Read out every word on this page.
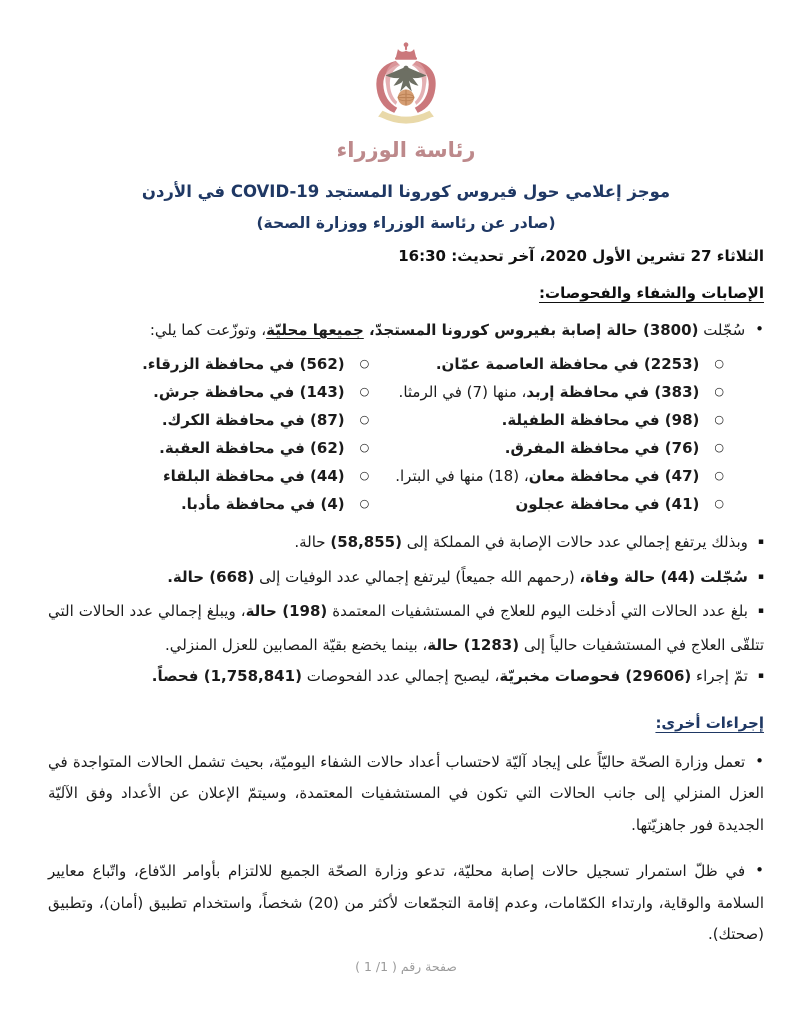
رئاسة الوزراء
موجز إعلامي حول فيروس كورونا المستجد COVID-19 في الأردن
(صادر عن رئاسة الوزراء ووزارة الصحة)
الثلاثاء 27 تشرين الأول 2020، آخر تحديث: 16:30
الإصابات والشفاء والفحوصات:
•سُجّلت (3800) حالة إصابة بفيروس كورونا المستجدّ، جميعها محليّة، وتوزّعت كما يلي:
○(2253) في محافظة العاصمة عمّان.
○(562) في محافظة الزرقاء.
○(383) في محافظة إربد، منها (7) في الرمثا.
○(143) في محافظة جرش.
○(98) في محافظة الطفيلة.
○(87) في محافظة الكرك.
○(76) في محافظة المفرق.
○(62) في محافظة العقبة.
○(47) في محافظة معان، (18) منها في البترا.
○(44) في محافظة البلقاء
○(41) في محافظة عجلون
○(4) في محافظة مأدبا.
▪وبذلك يرتفع إجمالي عدد حالات الإصابة في المملكة إلى (58,855) حالة.
▪سُجّلت (44) حالة وفاة، (رحمهم الله جميعاً) ليرتفع إجمالي عدد الوفيات إلى (668) حالة.
▪بلغ عدد الحالات التي أدخلت اليوم للعلاج في المستشفيات المعتمدة (198) حالة، ويبلغ إجمالي عدد الحالات التي تتلقّى العلاج في المستشفيات حالياً إلى (1283) حالة، بينما يخضع بقيّة المصابين للعزل المنزلي.
▪تمّ إجراء (29606) فحوصات مخبريّة، ليصبح إجمالي عدد الفحوصات (1,758,841) فحصاً.
إجراءات أخرى:
•تعمل وزارة الصحّة حاليّاً على إيجاد آليّة لاحتساب أعداد حالات الشفاء اليوميّة، بحيث تشمل الحالات المتواجدة في العزل المنزلي إلى جانب الحالات التي تكون في المستشفيات المعتمدة، وسيتمّ الإعلان عن الأعداد وفق الآليّة الجديدة فور جاهزيّتها.
•في ظلّ استمرار تسجيل حالات إصابة محليّة، تدعو وزارة الصحّة الجميع للالتزام بأوامر الدّفاع، واتّباع معايير السلامة والوقاية، وارتداء الكمّامات، وعدم إقامة التجمّعات لأكثر من (20) شخصاً، واستخدام تطبيق (أمان)، وتطبيق (صحتك).
صفحة رقم ( 1/ 1 )
